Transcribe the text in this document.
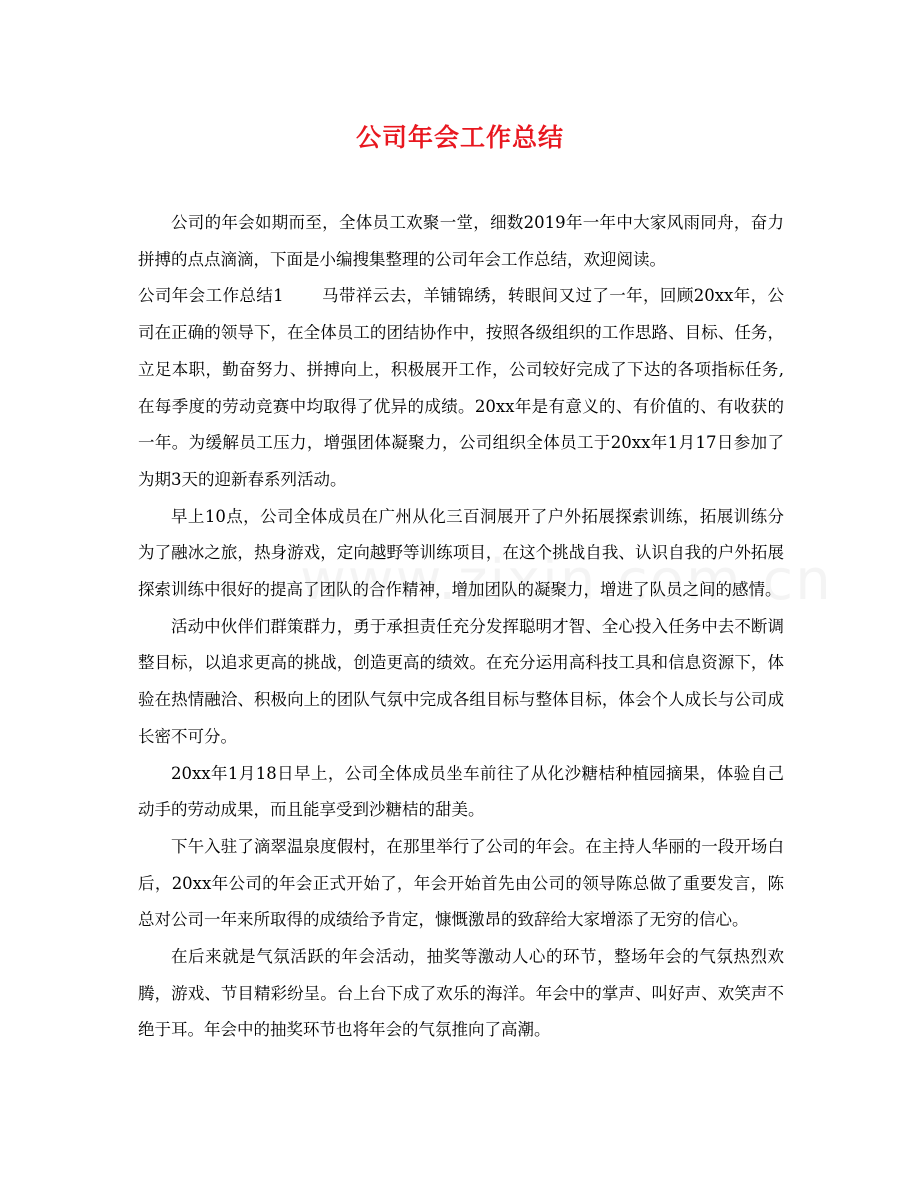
公司年会工作总结

公司的年会如期而至，全体员工欢聚一堂，细数2019年一年中大家风雨同舟，奋力拼搏的点点滴滴，下面是小编搜集整理的公司年会工作总结，欢迎阅读。

公司年会工作总结1 马带祥云去，羊铺锦绣，转眼间又过了一年，回顾20xx年，公司在正确的领导下，在全体员工的团结协作中，按照各级组织的工作思路、目标、任务，立足本职，勤奋努力、拼搏向上，积极展开工作，公司较好完成了下达的各项指标任务,在每季度的劳动竞赛中均取得了优异的成绩。20xx年是有意义的、有价值的、有收获的一年。为缓解员工压力，增强团体凝聚力，公司组织全体员工于20xx年1月17日参加了为期3天的迎新春系列活动。

早上10点，公司全体成员在广州从化三百洞展开了户外拓展探索训练，拓展训练分为了融冰之旅，热身游戏，定向越野等训练项目，在这个挑战自我、认识自我的户外拓展探索训练中很好的提高了团队的合作精神，增加团队的凝聚力，增进了队员之间的感情。

活动中伙伴们群策群力，勇于承担责任充分发挥聪明才智、全心投入任务中去不断调整目标，以追求更高的挑战，创造更高的绩效。在充分运用高科技工具和信息资源下，体验在热情融洽、积极向上的团队气氛中完成各组目标与整体目标，体会个人成长与公司成长密不可分。

20xx年1月18日早上，公司全体成员坐车前往了从化沙糖桔种植园摘果，体验自己动手的劳动成果，而且能享受到沙糖桔的甜美。

下午入驻了滴翠温泉度假村，在那里举行了公司的年会。在主持人华丽的一段开场白后，20xx年公司的年会正式开始了，年会开始首先由公司的领导陈总做了重要发言，陈总对公司一年来所取得的成绩给予肯定，慷慨激昂的致辞给大家增添了无穷的信心。

在后来就是气氛活跃的年会活动，抽奖等激动人心的环节，整场年会的气氛热烈欢腾，游戏、节目精彩纷呈。台上台下成了欢乐的海洋。年会中的掌声、叫好声、欢笑声不绝于耳。年会中的抽奖环节也将年会的气氛推向了高潮。
